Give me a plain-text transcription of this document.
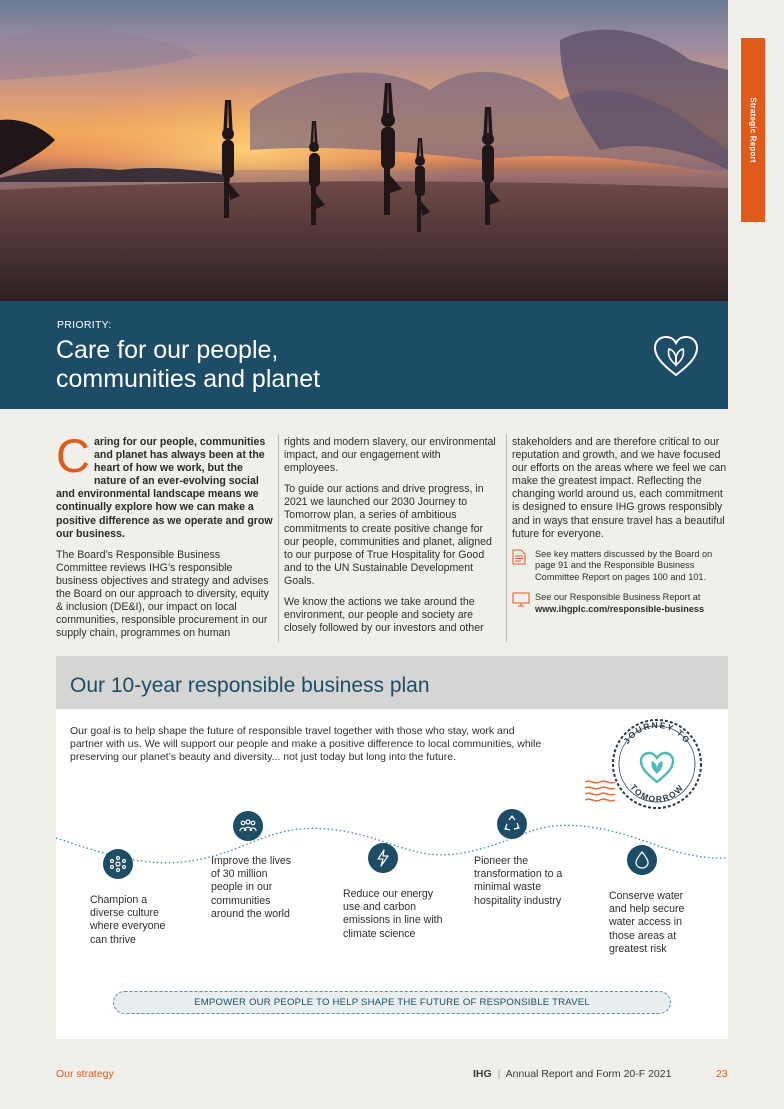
Strategic Report
PRIORITY:
Care for our people,
communities and planet

Caring for our people, communities and planet has always been at the heart of how we work, but the nature of an ever-evolving social and environmental landscape means we continually explore how we can make a positive difference as we operate and grow our business.

The Board’s Responsible Business Committee reviews IHG’s responsible business objectives and strategy and advises the Board on our approach to diversity, equity & inclusion (DE&I), our impact on local communities, responsible procurement in our supply chain, programmes on human

rights and modern slavery, our environmental impact, and our engagement with employees.

To guide our actions and drive progress, in 2021 we launched our 2030 Journey to Tomorrow plan, a series of ambitious commitments to create positive change for our people, communities and planet, aligned to our purpose of True Hospitality for Good and to the UN Sustainable Development Goals.

We know the actions we take around the environment, our people and society are closely followed by our investors and other

stakeholders and are therefore critical to our reputation and growth, and we have focused our efforts on the areas where we feel we can make the greatest impact. Reflecting the changing world around us, each commitment is designed to ensure IHG grows responsibly and in ways that ensure travel has a beautiful future for everyone.

See key matters discussed by the Board on page 91 and the Responsible Business Committee Report on pages 100 and 101.
See our Responsible Business Report at
www.ihgplc.com/responsible-business
Our 10-year responsible business plan
Our goal is to help shape the future of responsible travel together with those who stay, work and partner with us. We will support our people and make a positive difference to local communities, while preserving our planet’s beauty and diversity... not just today but long into the future.
JOURNEY TO
TOMORROW
Champion a diverse culture where everyone can thrive
Improve the lives of 30 million people in our communities around the world
Reduce our energy use and carbon emissions in line with climate science
Pioneer the transformation to a minimal waste hospitality industry	Conserve water and help secure water access in those areas at greatest risk
EMPOWER OUR PEOPLE TO HELP SHAPE THE FUTURE OF RESPONSIBLE TRAVEL
Our strategy	IHG | Annual Report and Form 20-F 2021	23
